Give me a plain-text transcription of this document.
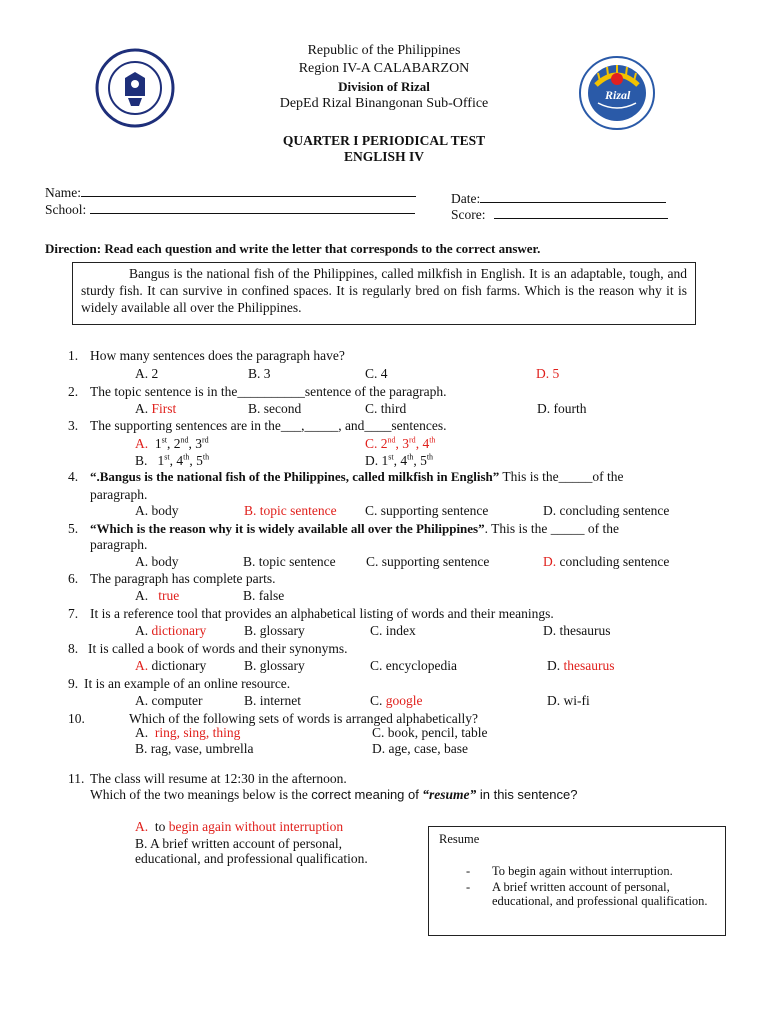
Rizal
Republic of the Philippines
Region IV-A CALABARZON
Division of Rizal
DepEd Rizal Binangonan Sub-Office
QUARTER I PERIODICAL TEST
ENGLISH IV
Name:
School:
Date:
Score:
Direction: Read each question and write the letter that corresponds to the correct answer.
Bangus is the national fish of the Philippines, called milkfish in English. It is an adaptable, tough, and sturdy fish. It can survive in confined spaces. It is regularly bred on fish farms. Which is the reason why it is widely available all over the Philippines.
1. How many sentences does the paragraph have?
A. 2	B. 3	C. 4	D. 5
2. The topic sentence is in the__________sentence of the paragraph.
A. First	B. second	C. third	D. fourth
3. The supporting sentences are in the___,_____, and____sentences.
A. 1st, 2nd, 3rd	C. 2nd, 3rd, 4th
B. 1st, 4th, 5th	D. 1st, 4th, 5th
4. “.Bangus is the national fish of the Philippines, called milkfish in English” This is the_____of the
paragraph.
A. body	B. topic sentence C. supporting sentence	D. concluding sentence
5. “Which is the reason why it is widely available all over the Philippines”. This is the _____ of the
paragraph.
A. body	B. topic sentence C. supporting sentence	D. concluding sentence
6. The paragraph has complete parts.
A. true	B. false
7. It is a reference tool that provides an alphabetical listing of words and their meanings.
A. dictionary	B. glossary	C. index	D. thesaurus
8. It is called a book of words and their synonyms.
A. dictionary	B. glossary	C. encyclopedia	D. thesaurus
9. It is an example of an online resource.
A. computer	B. internet	C. google	D. wi-fi
10.	Which of the following sets of words is arranged alphabetically?
A. ring, sing, thing	C. book, pencil, table
B. rag, vase, umbrella	D. age, case, base
11. The class will resume at 12:30 in the afternoon.
Which of the two meanings below is the correct meaning of “resume” in this sentence?
A. to begin again without interruption
B. A brief written account of personal,
educational, and professional qualification.
Resume
- To begin again without interruption.
- A brief written account of personal, educational, and professional qualification.
